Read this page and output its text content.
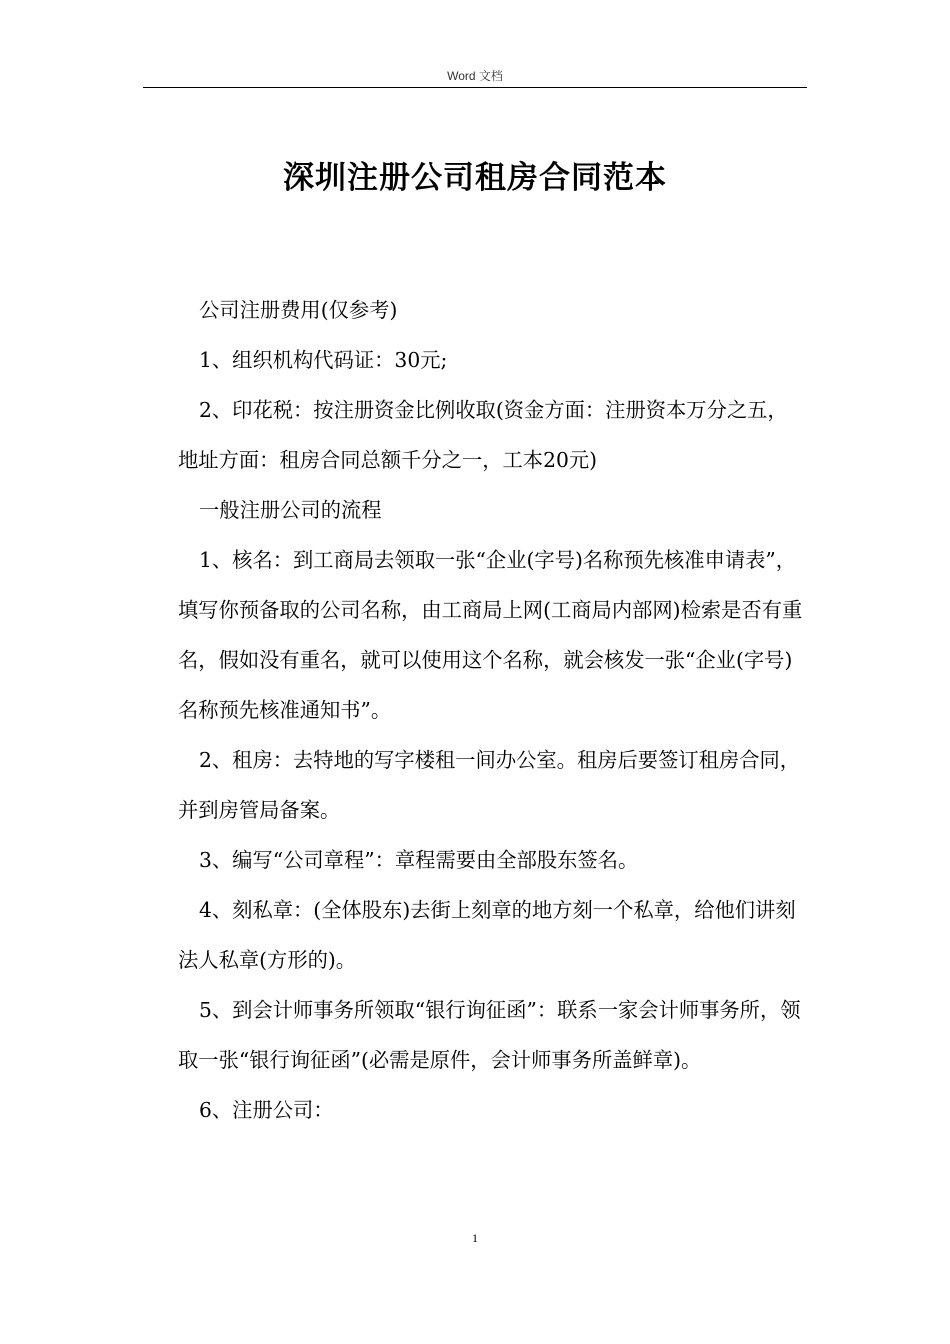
Word 文档
深圳注册公司租房合同范本

公司注册费用(仅参考)

1、组织机构代码证：30元;

2、印花税：按注册资金比例收取(资金方面：注册资本万分之五，地址方面：租房合同总额千分之一，工本20元)

一般注册公司的流程

1、核名：到工商局去领取一张“企业(字号)名称预先核准申请表”，填写你预备取的公司名称，由工商局上网(工商局内部网)检索是否有重名，假如没有重名，就可以使用这个名称，就会核发一张“企业(字号)名称预先核准通知书”。

2、租房：去特地的写字楼租一间办公室。租房后要签订租房合同，并到房管局备案。

3、编写“公司章程”：章程需要由全部股东签名。

4、刻私章：(全体股东)去街上刻章的地方刻一个私章，给他们讲刻法人私章(方形的)。

5、到会计师事务所领取“银行询征函”：联系一家会计师事务所，领取一张“银行询征函”(必需是原件，会计师事务所盖鲜章)。

6、注册公司：

1
